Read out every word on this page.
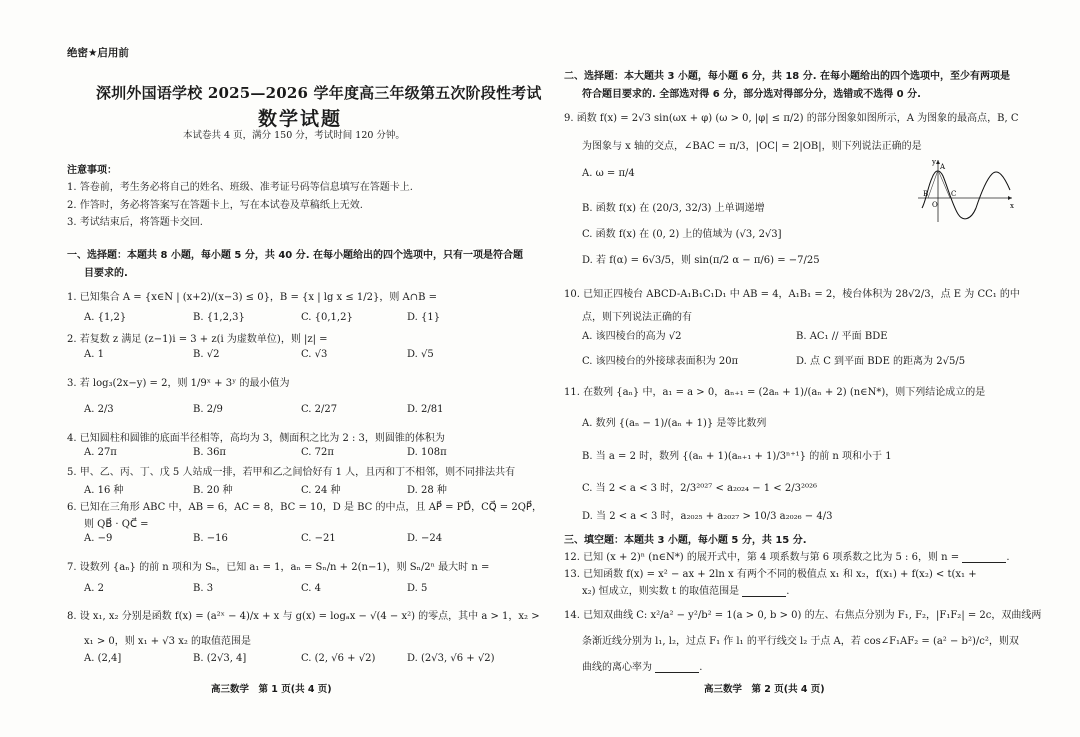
绝密★启用前
深圳外国语学校 2025—2026 学年度高三年级第五次阶段性考试
数学试题
本试卷共 4 页，满分 150 分，考试时间 120 分钟。
注意事项：
1. 答卷前，考生务必将自己的姓名、班级、准考证号码等信息填写在答题卡上.
2. 作答时，务必将答案写在答题卡上，写在本试卷及草稿纸上无效.
3. 考试结束后，将答题卡交回.
一、选择题：本题共 8 小题，每小题 5 分，共 40 分. 在每小题给出的四个选项中，只有一项是符合题
目要求的.
1. 已知集合 A = {x∈N | (x+2)/(x−3) ≤ 0}，B = {x | lg x ≤ 1/2}，则 A∩B =
A. {1,2}	B. {1,2,3}	C. {0,1,2}	D. {1}
2. 若复数 z 满足 (z−1)i = 3 + z(i 为虚数单位)，则 |z| =
A. 1	B. √2	C. √3	D. √5
3. 若 log₃(2x−y) = 2，则 1/9ˣ + 3ʸ 的最小值为
A. 2/3	B. 2/9	C. 2/27	D. 2/81
4. 已知圆柱和圆锥的底面半径相等，高均为 3，侧面积之比为 2 : 3，则圆锥的体积为
A. 27π	B. 36π	C. 72π	D. 108π
5. 甲、乙、丙、丁、戊 5 人站成一排，若甲和乙之间恰好有 1 人，且丙和丁不相邻，则不同排法共有
A. 16 种	B. 20 种	C. 24 种	D. 28 种
6. 已知在三角形 ABC 中，AB = 6，AC = 8，BC = 10，D 是 BC 的中点，且 AP⃗ = PD⃗，CQ⃗ = 2QP⃗，
则 QB⃗ · QC⃗ =
A. −9	B. −16	C. −21	D. −24
7. 设数列 {aₙ} 的前 n 项和为 Sₙ，已知 a₁ = 1，aₙ = Sₙ/n + 2(n−1)，则 Sₙ/2ⁿ 最大时 n =
A. 2	B. 3	C. 4	D. 5
8. 设 x₁, x₂ 分别是函数 f(x) = (a²ˣ − 4)/x + x 与 g(x) = logₐx − √(4 − x²) 的零点，其中 a > 1，x₂ >
x₁ > 0，则 x₁ + √3 x₂ 的取值范围是
A. (2,4]	B. (2√3, 4]	C. (2, √6 + √2)	D. (2√3, √6 + √2)
高三数学　第 1 页(共 4 页)
二、选择题：本大题共 3 小题，每小题 6 分，共 18 分. 在每小题给出的四个选项中，至少有两项是
符合题目要求的. 全部选对得 6 分，部分选对得部分分，选错或不选得 0 分.
9. 函数 f(x) = 2√3 sin(ωx + φ) (ω > 0, |φ| ≤ π/2) 的部分图象如图所示，A 为图象的最高点，B, C
为图象与 x 轴的交点，∠BAC = π/3，|OC| = 2|OB|，则下列说法正确的是
A. ω = π/4
B. 函数 f(x) 在 (20/3, 32/3) 上单调递增
C. 函数 f(x) 在 (0, 2) 上的值域为 (√3, 2√3]
D. 若 f(α) = 6√3/5，则 sin(π/2 α − π/6) = −7/25
y
x
O
A
B	C
10. 已知正四棱台 ABCD-A₁B₁C₁D₁ 中 AB = 4，A₁B₁ = 2，棱台体积为 28√2/3，点 E 为 CC₁ 的中
点，则下列说法正确的有
A. 该四棱台的高为 √2	B. AC₁ // 平面 BDE
C. 该四棱台的外接球表面积为 20π	D. 点 C 到平面 BDE 的距离为 2√5/5
11. 在数列 {aₙ} 中，a₁ = a > 0，aₙ₊₁ = (2aₙ + 1)/(aₙ + 2) (n∈N*)，则下列结论成立的是
A. 数列 {(aₙ − 1)/(aₙ + 1)} 是等比数列
B. 当 a = 2 时，数列 {(aₙ + 1)(aₙ₊₁ + 1)/3ⁿ⁺¹} 的前 n 项和小于 1
C. 当 2 < a < 3 时，2/3²⁰²⁷ < a₂₀₂₄ − 1 < 2/3²⁰²⁶
D. 当 2 < a < 3 时，a₂₀₂₅ + a₂₀₂₇ > 10/3 a₂₀₂₆ − 4/3
三、填空题：本题共 3 小题，每小题 5 分，共 15 分.
12. 已知 (x + 2)ⁿ (n∈N*) 的展开式中，第 4 项系数与第 6 项系数之比为 5 : 6，则 n =	.
13. 已知函数 f(x) = x² − ax + 2ln x 有两个不同的极值点 x₁ 和 x₂，f(x₁) + f(x₂) < t(x₁ +
x₂) 恒成立，则实数 t 的取值范围是	.
14. 已知双曲线 C: x²/a² − y²/b² = 1(a > 0, b > 0) 的左、右焦点分别为 F₁, F₂，|F₁F₂| = 2c，双曲线两
条渐近线分别为 l₁, l₂，过点 F₁ 作 l₁ 的平行线交 l₂ 于点 A，若 cos∠F₁AF₂ = (a² − b²)/c²，则双
曲线的离心率为	.
高三数学　第 2 页(共 4 页)
